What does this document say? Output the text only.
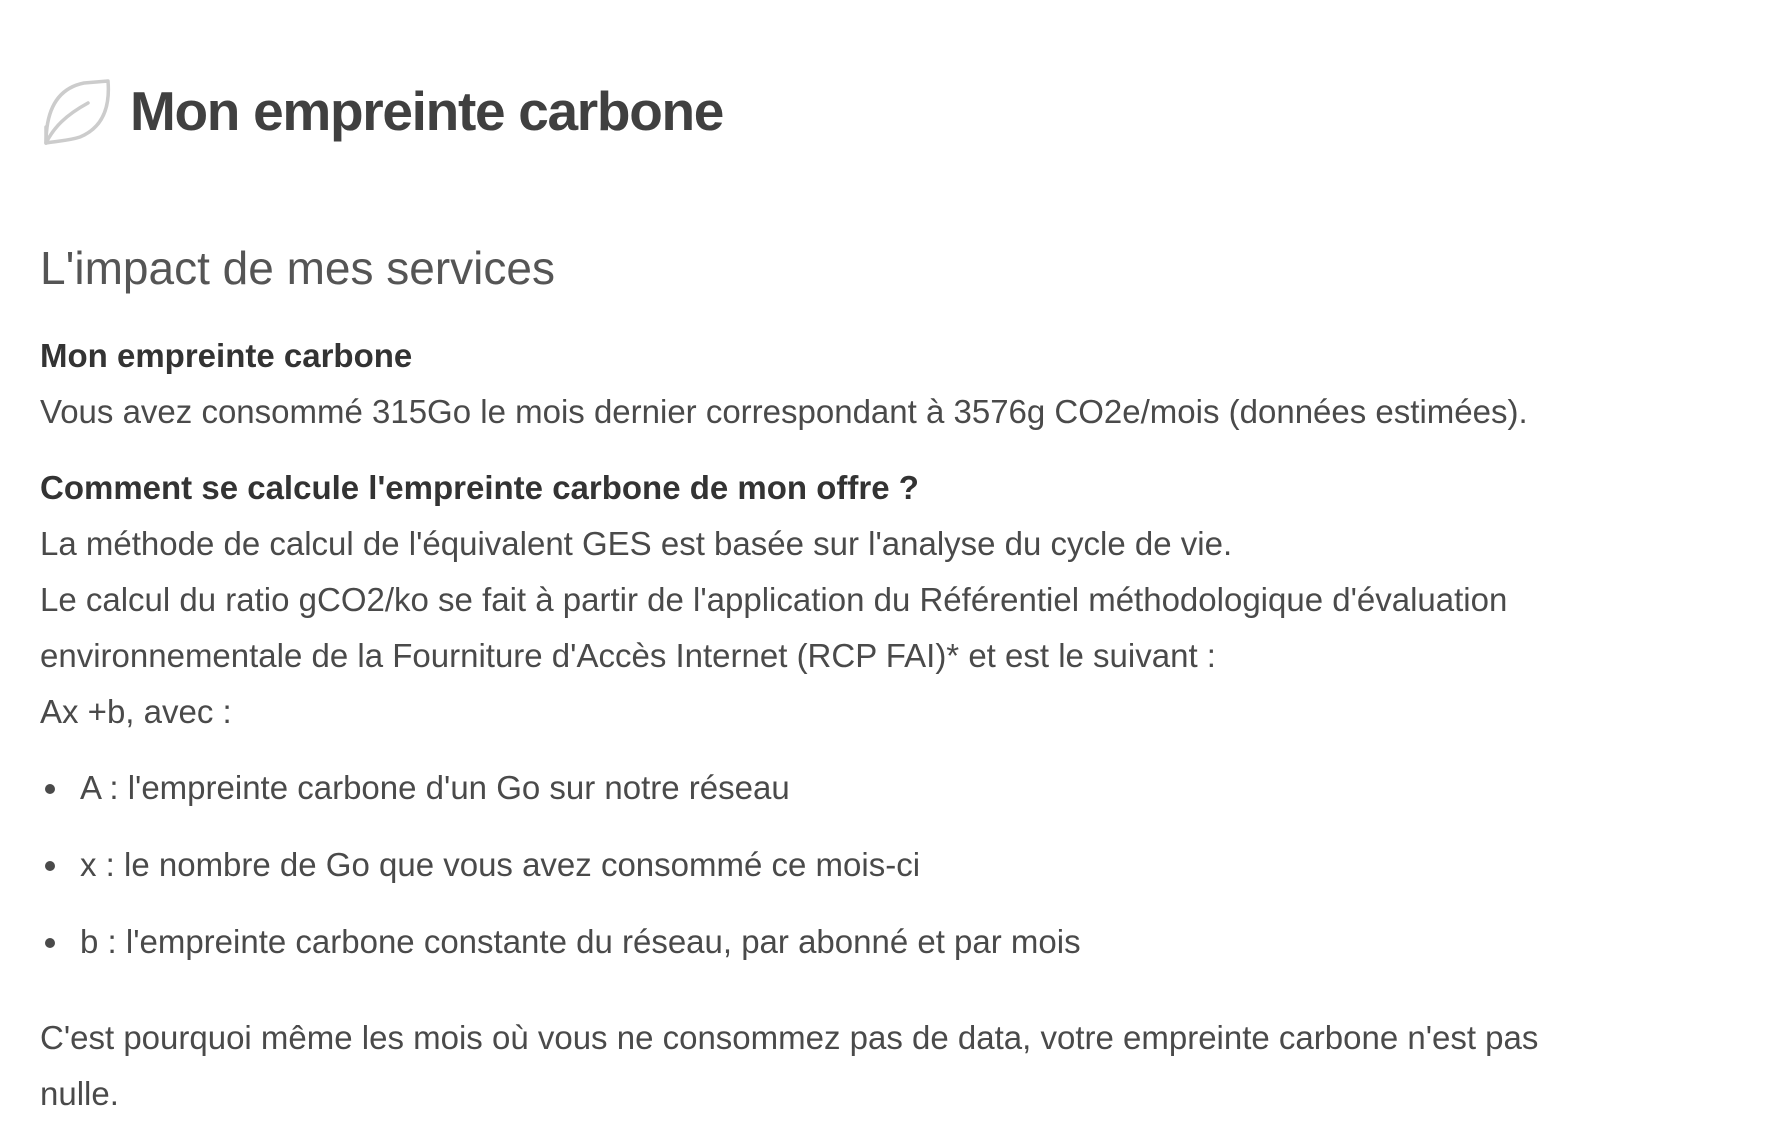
Mon empreinte carbone
L'impact de mes services

Mon empreinte carbone

Vous avez consommé 315Go le mois dernier correspondant à 3576g CO2e/mois (données estimées).

Comment se calcule l'empreinte carbone de mon offre ?

La méthode de calcul de l'équivalent GES est basée sur l'analyse du cycle de vie.

Le calcul du ratio gCO2/ko se fait à partir de l'application du Référentiel méthodologique d'évaluation

environnementale de la Fourniture d'Accès Internet (RCP FAI)* et est le suivant :

Ax +b, avec :

A : l'empreinte carbone d'un Go sur notre réseau
x : le nombre de Go que vous avez consommé ce mois-ci
b : l'empreinte carbone constante du réseau, par abonné et par mois

C'est pourquoi même les mois où vous ne consommez pas de data, votre empreinte carbone n'est pas

nulle.
